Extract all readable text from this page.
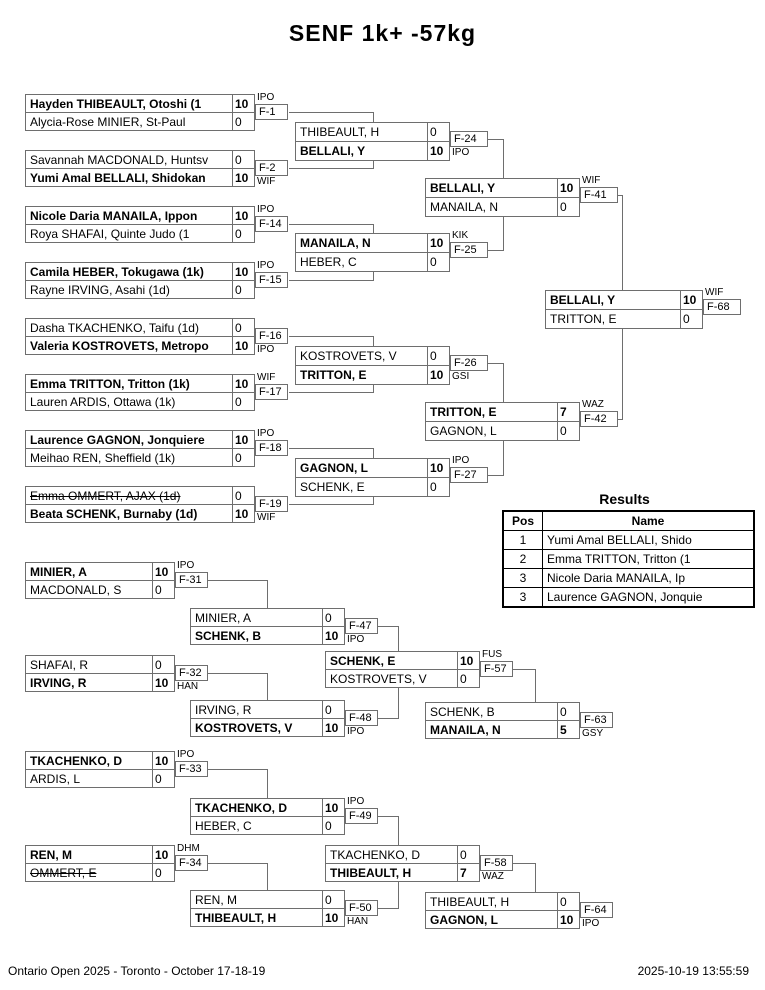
SENF 1k+ -57kg
Hayden THIBEAULT, Otoshi (1	10
Alycia-Rose MINIER, St-Paul	0
F-1
IPO
Savannah MACDONALD, Huntsv	0
Yumi Amal BELLALI, Shidokan	10
F-2
WIF
Nicole Daria MANAILA, Ippon	10
Roya SHAFAI, Quinte Judo (1	0
F-14
IPO
Camila HEBER, Tokugawa (1k)	10
Rayne IRVING, Asahi (1d)	0
F-15
IPO
Dasha TKACHENKO, Taifu (1d)	0
Valeria KOSTROVETS, Metropo	10
F-16
IPO
Emma TRITTON, Tritton (1k)	10
Lauren ARDIS, Ottawa (1k)	0
F-17
WIF
Laurence GAGNON, Jonquiere	10
Meihao REN, Sheffield (1k)	0
F-18
IPO
Emma OMMERT, AJAX (1d)	0
Beata SCHENK, Burnaby (1d)	10
F-19
WIF
THIBEAULT, H	0
BELLALI, Y	10
F-24
IPO
MANAILA, N	10
HEBER, C	0
F-25
KIK
KOSTROVETS, V	0
TRITTON, E	10
F-26
GSI
GAGNON, L	10
SCHENK, E	0
F-27
IPO
BELLALI, Y	10
MANAILA, N	0
F-41
WIF
TRITTON, E	7
GAGNON, L	0
F-42
WAZ
BELLALI, Y	10
TRITTON, E	0
F-68
WIF
Results
Pos	Name
1	Yumi Amal BELLALI, Shido
2	Emma TRITTON, Tritton (1
3	Nicole Daria MANAILA, Ip
3	Laurence GAGNON, Jonquie
MINIER, A	10
MACDONALD, S	0
F-31
IPO
SHAFAI, R	0
IRVING, R	10
F-32
HAN
TKACHENKO, D	10
ARDIS, L	0
F-33
IPO
REN, M	10
OMMERT, E	0
F-34
DHM
MINIER, A	0
SCHENK, B	10
F-47
IPO
IRVING, R	0
KOSTROVETS, V	10
F-48
IPO
TKACHENKO, D	10
HEBER, C	0
F-49
IPO
REN, M	0
THIBEAULT, H	10
F-50
HAN
SCHENK, E	10
KOSTROVETS, V	0
F-57
FUS
TKACHENKO, D	0
THIBEAULT, H	7
F-58
WAZ
SCHENK, B	0
MANAILA, N	5
F-63
GSY
THIBEAULT, H	0
GAGNON, L	10
F-64
IPO
Ontario Open 2025 - Toronto - October 17-18-19	2025-10-19 13:55:59
